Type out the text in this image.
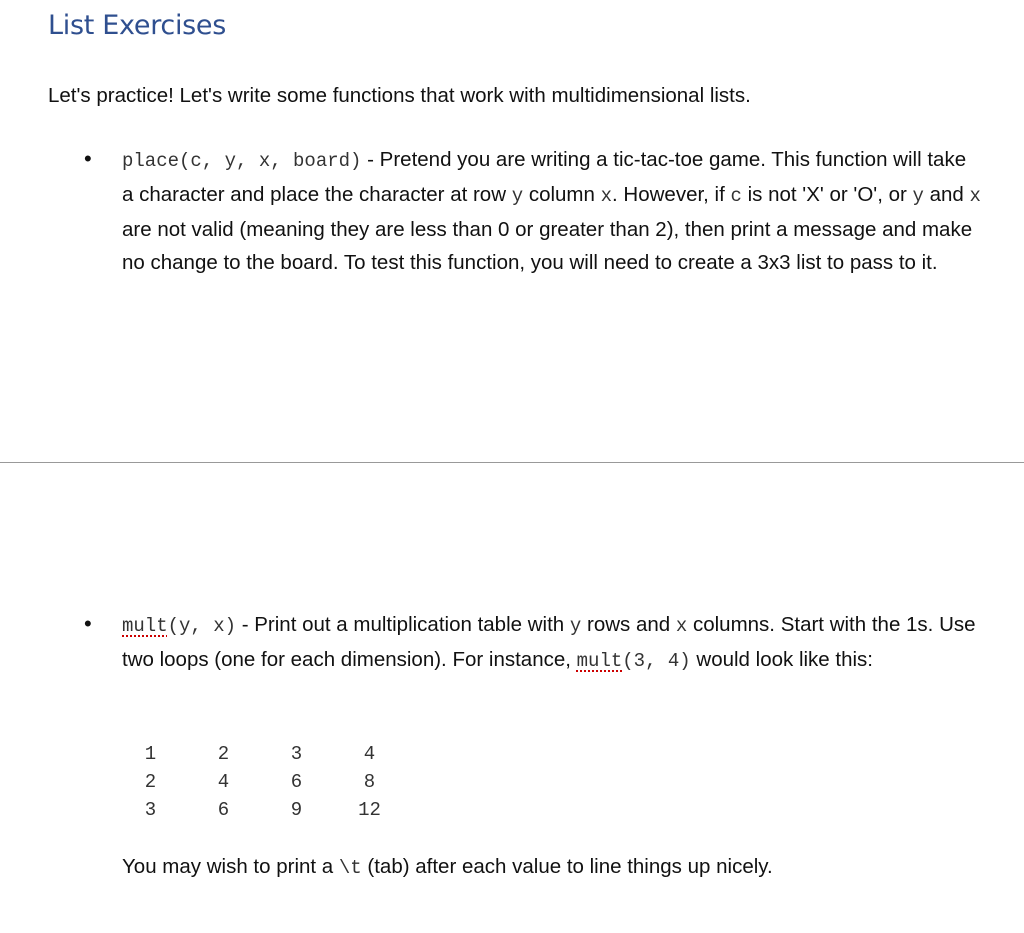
List Exercises

Let's practice! Let's write some functions that work with multidimensional lists.

• place(c, y, x, board) - Pretend you are writing a tic-tac-toe game. This function will take a character and place the character at row y column x. However, if c is not 'X' or 'O', or y and x are not valid (meaning they are less than 0 or greater than 2), then print a message and make no change to the board. To test this function, you will need to create a 3x3 list to pass to it.

• mult(y, x) - Print out a multiplication table with y rows and x columns. Start with the 1s. Use two loops (one for each dimension). For instance, mult(3, 4) would look like this:

1	2	3	4
2	4	6	8
3	6	9	12

You may wish to print a \t (tab) after each value to line things up nicely.
